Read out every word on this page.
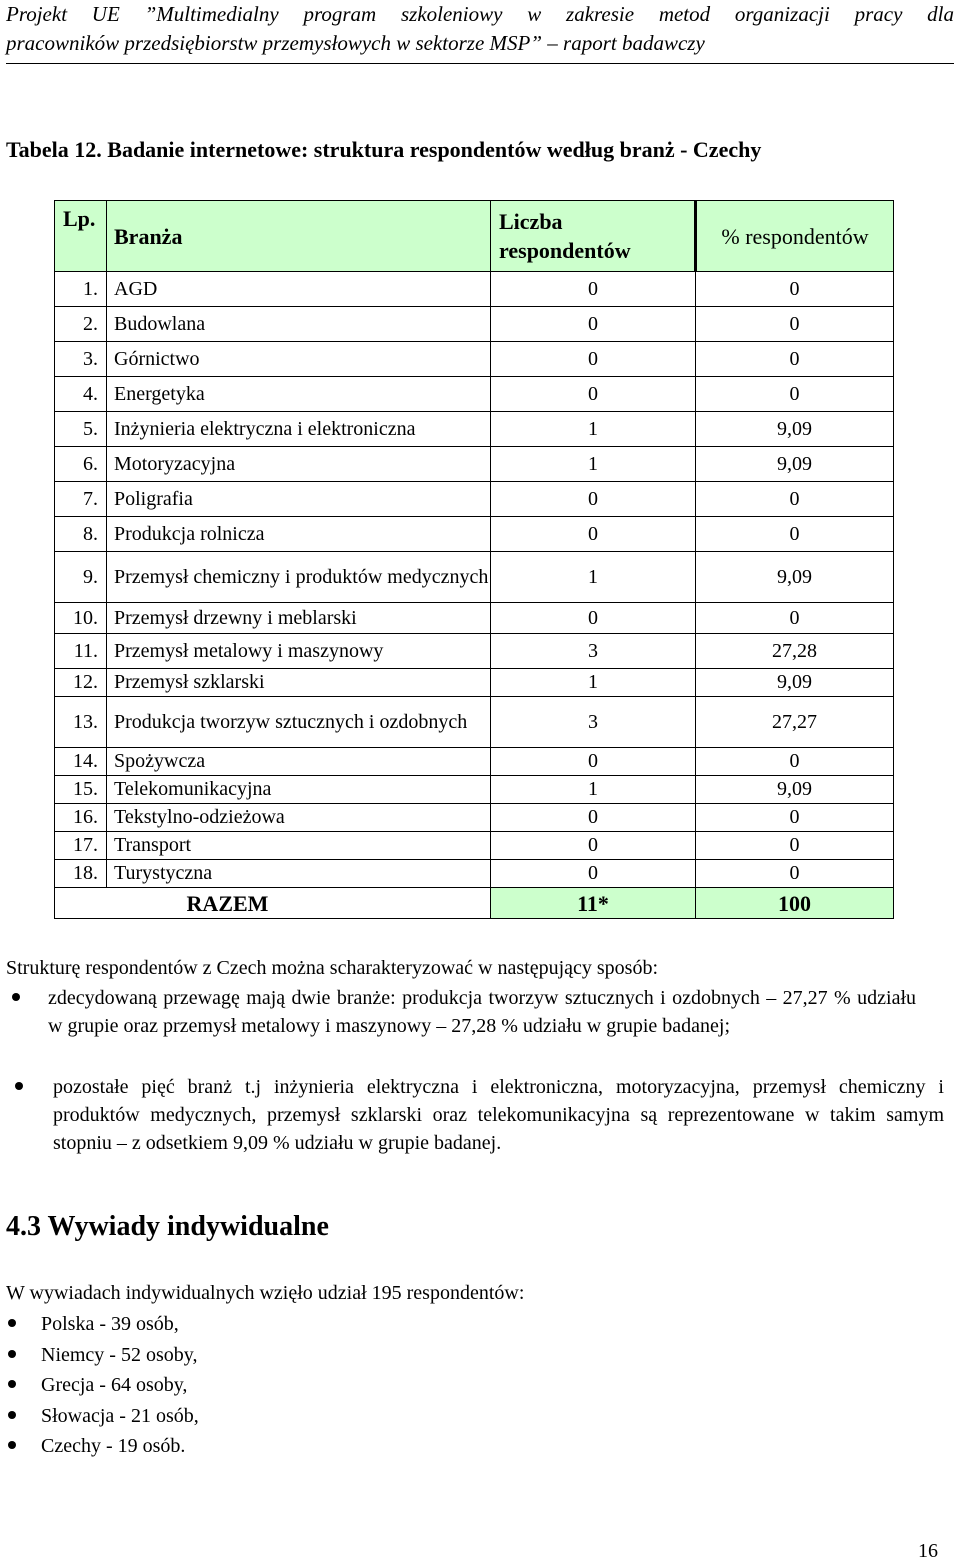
Projekt UE ”Multimedialny program szkoleniowy w zakresie metod organizacji pracy dla
pracowników przedsiębiorstw przemysłowych w sektorze MSP” – raport badawczy
Tabela 12. Badanie internetowe: struktura respondentów według branż - Czechy
Lp.	Branża	Liczba respondentów	% respondentów
1.	AGD	0	0
2.	Budowlana	0	0
3.	Górnictwo	0	0
4.	Energetyka	0	0
5.	Inżynieria elektryczna i elektroniczna	1	9,09
6.	Motoryzacyjna	1	9,09
7.	Poligrafia	0	0
8.	Produkcja rolnicza	0	0
9.	Przemysł chemiczny i produktów medycznych	1	9,09
10.	Przemysł drzewny i meblarski	0	0
11.	Przemysł metalowy i maszynowy	3	27,28
12.	Przemysł szklarski	1	9,09
13.	Produkcja tworzyw sztucznych i ozdobnych	3	27,27
14.	Spożywcza	0	0
15.	Telekomunikacyjna	1	9,09
16.	Tekstylno-odzieżowa	0	0
17.	Transport	0	0
18.	Turystyczna	0	0
RAZEM		11*	100
Strukturę respondentów z Czech można scharakteryzować w następujący sposób:
zdecydowaną przewagę mają dwie branże: produkcja tworzyw sztucznych i ozdobnych – 27,27 % udziału w grupie oraz przemysł metalowy i maszynowy – 27,28 % udziału w grupie badanej;
pozostałe pięć branż t.j inżynieria elektryczna i elektroniczna, motoryzacyjna, przemysł chemiczny i produktów medycznych, przemysł szklarski oraz telekomunikacyjna są reprezentowane w takim samym stopniu – z odsetkiem 9,09 % udziału w grupie badanej.
4.3 Wywiady indywidualne
W wywiadach indywidualnych wzięło udział 195 respondentów:
Polska - 39 osób,
Niemcy - 52 osoby,
Grecja - 64 osoby,
Słowacja - 21 osób,
Czechy - 19 osób.
16
